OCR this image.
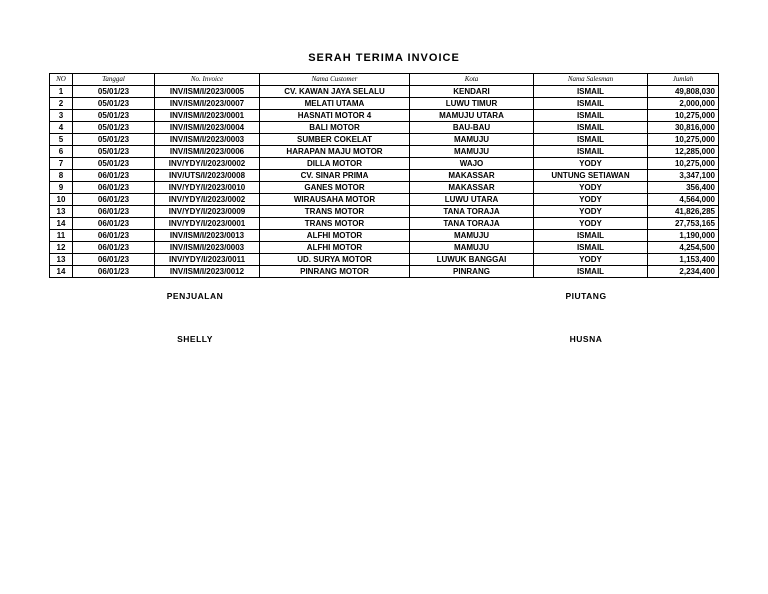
SERAH TERIMA INVOICE
NO	Tanggal	No. Invoice	Nama Customer	Kota	Nama Salesman	Jumlah
1	05/01/23	INV/ISM/I/2023/0005	CV. KAWAN JAYA SELALU	KENDARI	ISMAIL	49,808,030
2	05/01/23	INV/ISM/I/2023/0007	MELATI UTAMA	LUWU TIMUR	ISMAIL	2,000,000
3	05/01/23	INV/ISM/I/2023/0001	HASNATI MOTOR 4	MAMUJU UTARA	ISMAIL	10,275,000
4	05/01/23	INV/ISM/I/2023/0004	BALI MOTOR	BAU-BAU	ISMAIL	30,816,000
5	05/01/23	INV/ISM/I/2023/0003	SUMBER COKELAT	MAMUJU	ISMAIL	10,275,000
6	05/01/23	INV/ISM/I/2023/0006	HARAPAN MAJU MOTOR	MAMUJU	ISMAIL	12,285,000
7	05/01/23	INV/YDY/I/2023/0002	DILLA MOTOR	WAJO	YODY	10,275,000
8	06/01/23	INV/UTS/I/2023/0008	CV. SINAR PRIMA	MAKASSAR	UNTUNG SETIAWAN	3,347,100
9	06/01/23	INV/YDY/I/2023/0010	GANES MOTOR	MAKASSAR	YODY	356,400
10	06/01/23	INV/YDY/I/2023/0002	WIRAUSAHA MOTOR	LUWU UTARA	YODY	4,564,000
13	06/01/23	INV/YDY/I/2023/0009	TRANS MOTOR	TANA TORAJA	YODY	41,826,285
14	06/01/23	INV/YDY/I/2023/0001	TRANS MOTOR	TANA TORAJA	YODY	27,753,165
11	06/01/23	INV/ISM/I/2023/0013	ALFHI MOTOR	MAMUJU	ISMAIL	1,190,000
12	06/01/23	INV/ISM/I/2023/0003	ALFHI MOTOR	MAMUJU	ISMAIL	4,254,500
13	06/01/23	INV/YDY/I/2023/0011	UD. SURYA MOTOR	LUWUK BANGGAI	YODY	1,153,400
14	06/01/23	INV/ISM/I/2023/0012	PINRANG MOTOR	PINRANG	ISMAIL	2,234,400
PENJUALAN
SHELLY
PIUTANG
HUSNA
